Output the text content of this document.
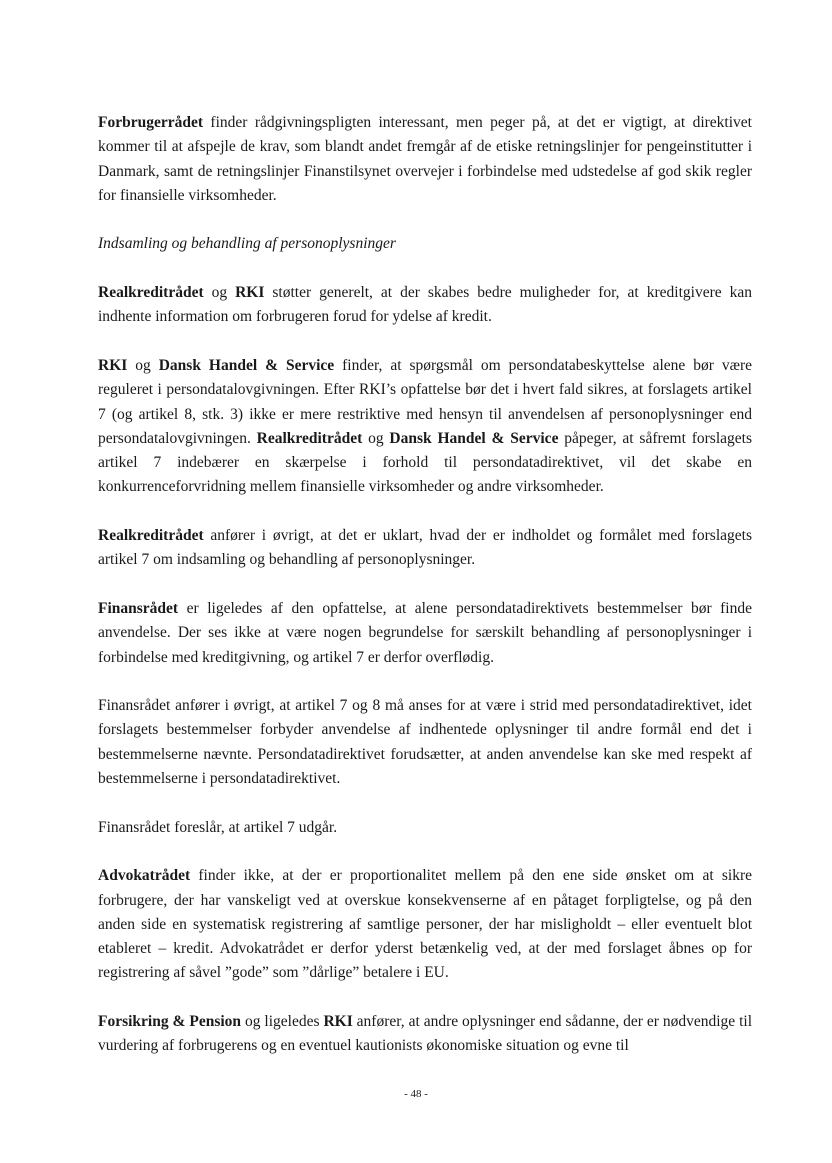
Forbrugerrådet finder rådgivningspligten interessant, men peger på, at det er vigtigt, at direktivet kommer til at afspejle de krav, som blandt andet fremgår af de etiske retningslinjer for pengeinstitutter i Danmark, samt de retningslinjer Finanstilsynet overvejer i forbindelse med udstedelse af god skik regler for finansielle virksomheder.

Indsamling og behandling af personoplysninger

Realkreditrådet og RKI støtter generelt, at der skabes bedre muligheder for, at kreditgivere kan indhente information om forbrugeren forud for ydelse af kredit.

RKI og Dansk Handel & Service finder, at spørgsmål om persondatabeskyttelse alene bør være reguleret i persondatalovgivningen. Efter RKI’s opfattelse bør det i hvert fald sikres, at forslagets artikel 7 (og artikel 8, stk. 3) ikke er mere restriktive med hensyn til anvendelsen af personoplysninger end persondatalovgivningen. Realkreditrådet og Dansk Handel & Service påpeger, at såfremt forslagets artikel 7 indebærer en skærpelse i forhold til persondatadirektivet, vil det skabe en konkurrenceforvridning mellem finansielle virksomheder og andre virksomheder.

Realkreditrådet anfører i øvrigt, at det er uklart, hvad der er indholdet og formålet med forslagets artikel 7 om indsamling og behandling af personoplysninger.

Finansrådet er ligeledes af den opfattelse, at alene persondatadirektivets bestemmelser bør finde anvendelse. Der ses ikke at være nogen begrundelse for særskilt behandling af personoplysninger i forbindelse med kreditgivning, og artikel 7 er derfor overflødig.

Finansrådet anfører i øvrigt, at artikel 7 og 8 må anses for at være i strid med persondatadirektivet, idet forslagets bestemmelser forbyder anvendelse af indhentede oplysninger til andre formål end det i bestemmelserne nævnte. Persondatadirektivet forudsætter, at anden anvendelse kan ske med respekt af bestemmelserne i persondatadirektivet.

Finansrådet foreslår, at artikel 7 udgår.

Advokatrådet finder ikke, at der er proportionalitet mellem på den ene side ønsket om at sikre forbrugere, der har vanskeligt ved at overskue konsekvenserne af en påtaget forpligtelse, og på den anden side en systematisk registrering af samtlige personer, der har misligholdt – eller eventuelt blot etableret – kredit. Advokatrådet er derfor yderst betænkelig ved, at der med forslaget åbnes op for registrering af såvel ”gode” som ”dårlige” betalere i EU.

Forsikring & Pension og ligeledes RKI anfører, at andre oplysninger end sådanne, der er nødvendige til vurdering af forbrugerens og en eventuel kautionists økonomiske situation og evne til

- 48 -
